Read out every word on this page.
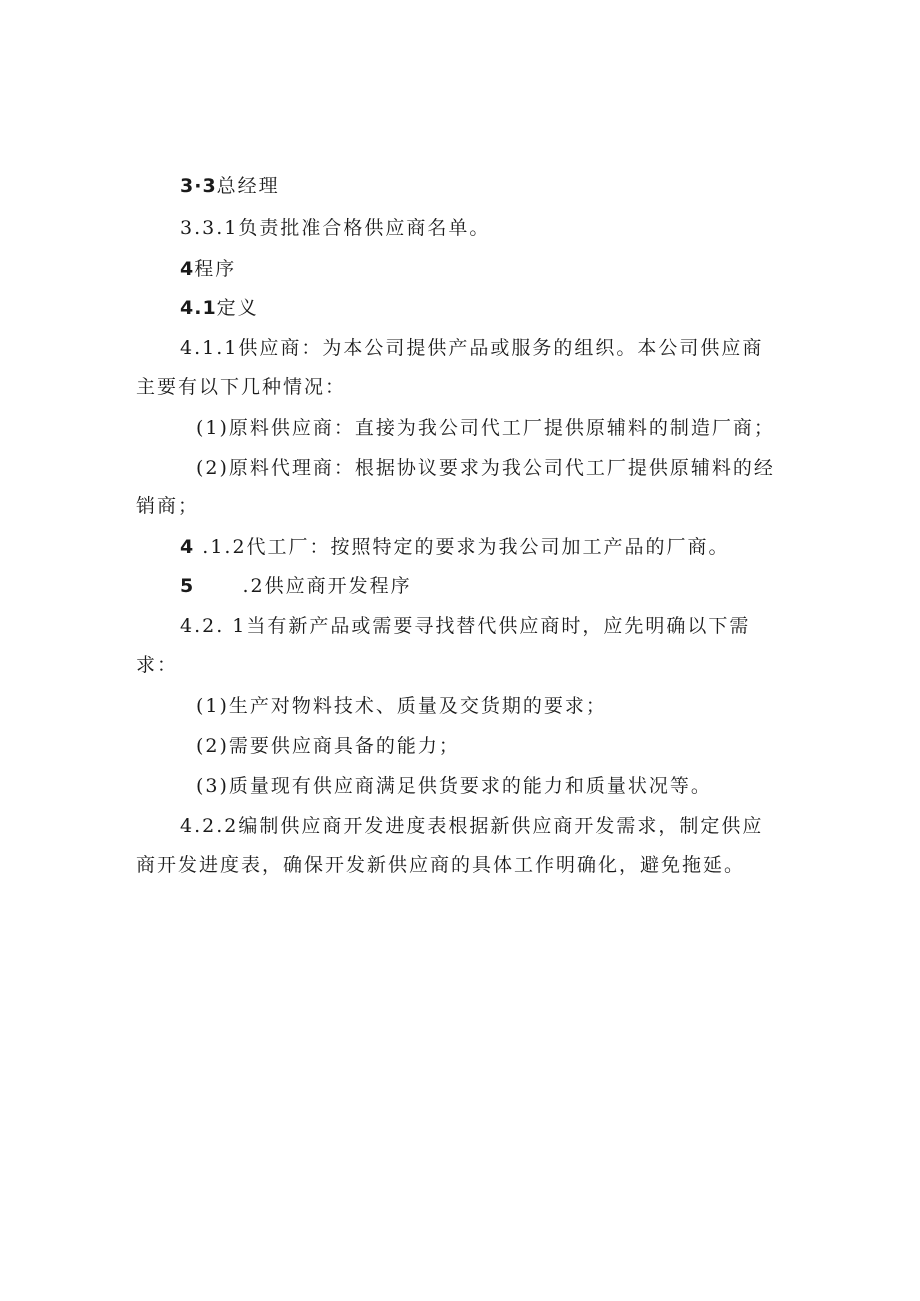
3·3总经理
3.3.1负责批准合格供应商名单。
4程序
4.1定义
4.1.1供应商：为本公司提供产品或服务的组织。本公司供应商
主要有以下几种情况：
(1)原料供应商：直接为我公司代工厂提供原辅料的制造厂商；
(2)原料代理商：根据协议要求为我公司代工厂提供原辅料的经
销商；
4 .1.2代工厂：按照特定的要求为我公司加工产品的厂商。
5	.2供应商开发程序
4.2. 1当有新产品或需要寻找替代供应商时，应先明确以下需
求：
(1)生产对物料技术、质量及交货期的要求；
(2)需要供应商具备的能力；
(3)质量现有供应商满足供货要求的能力和质量状况等。
4.2.2编制供应商开发进度表根据新供应商开发需求，制定供应
商开发进度表，确保开发新供应商的具体工作明确化，避免拖延。
